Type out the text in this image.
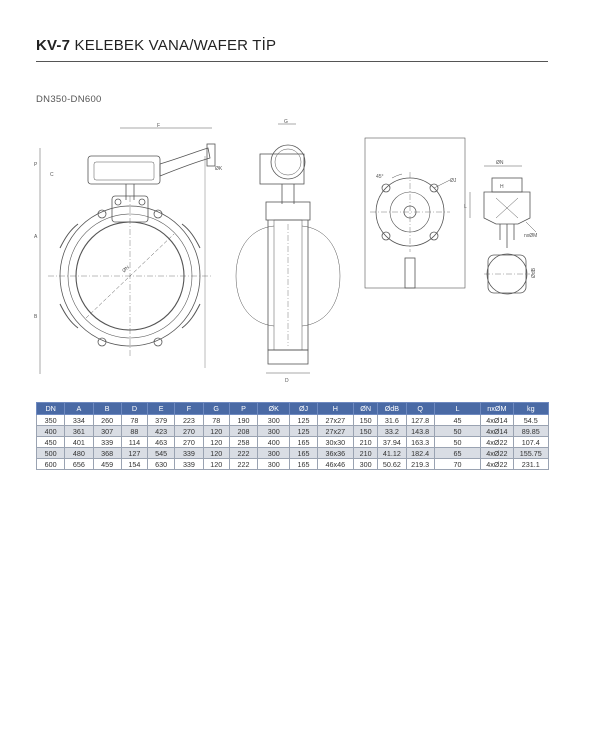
KV-7 KELEBEK VANA/WAFER TİP
DN350-DN600
F
ØN
P
A
B
C
ØK
G
D
45°
ØJ
ØN
H
L
nxØM
ØdB
DN	A	B	D	E	F	G	P	ØK	ØJ	H	ØN	ØdB	Q	L	nxØM	kg
350	334	260	78	379	223	78	190	300	125	27x27	150	31.6	127.8	45	4xØ14	54.5
400	361	307	88	423	270	120	208	300	125	27x27	150	33.2	143.8	50	4xØ14	89.85
450	401	339	114	463	270	120	258	400	165	30x30	210	37.94	163.3	50	4xØ22	107.4
500	480	368	127	545	339	120	222	300	165	36x36	210	41.12	182.4	65	4xØ22	155.75
600	656	459	154	630	339	120	222	300	165	46x46	300	50.62	219.3	70	4xØ22	231.1
